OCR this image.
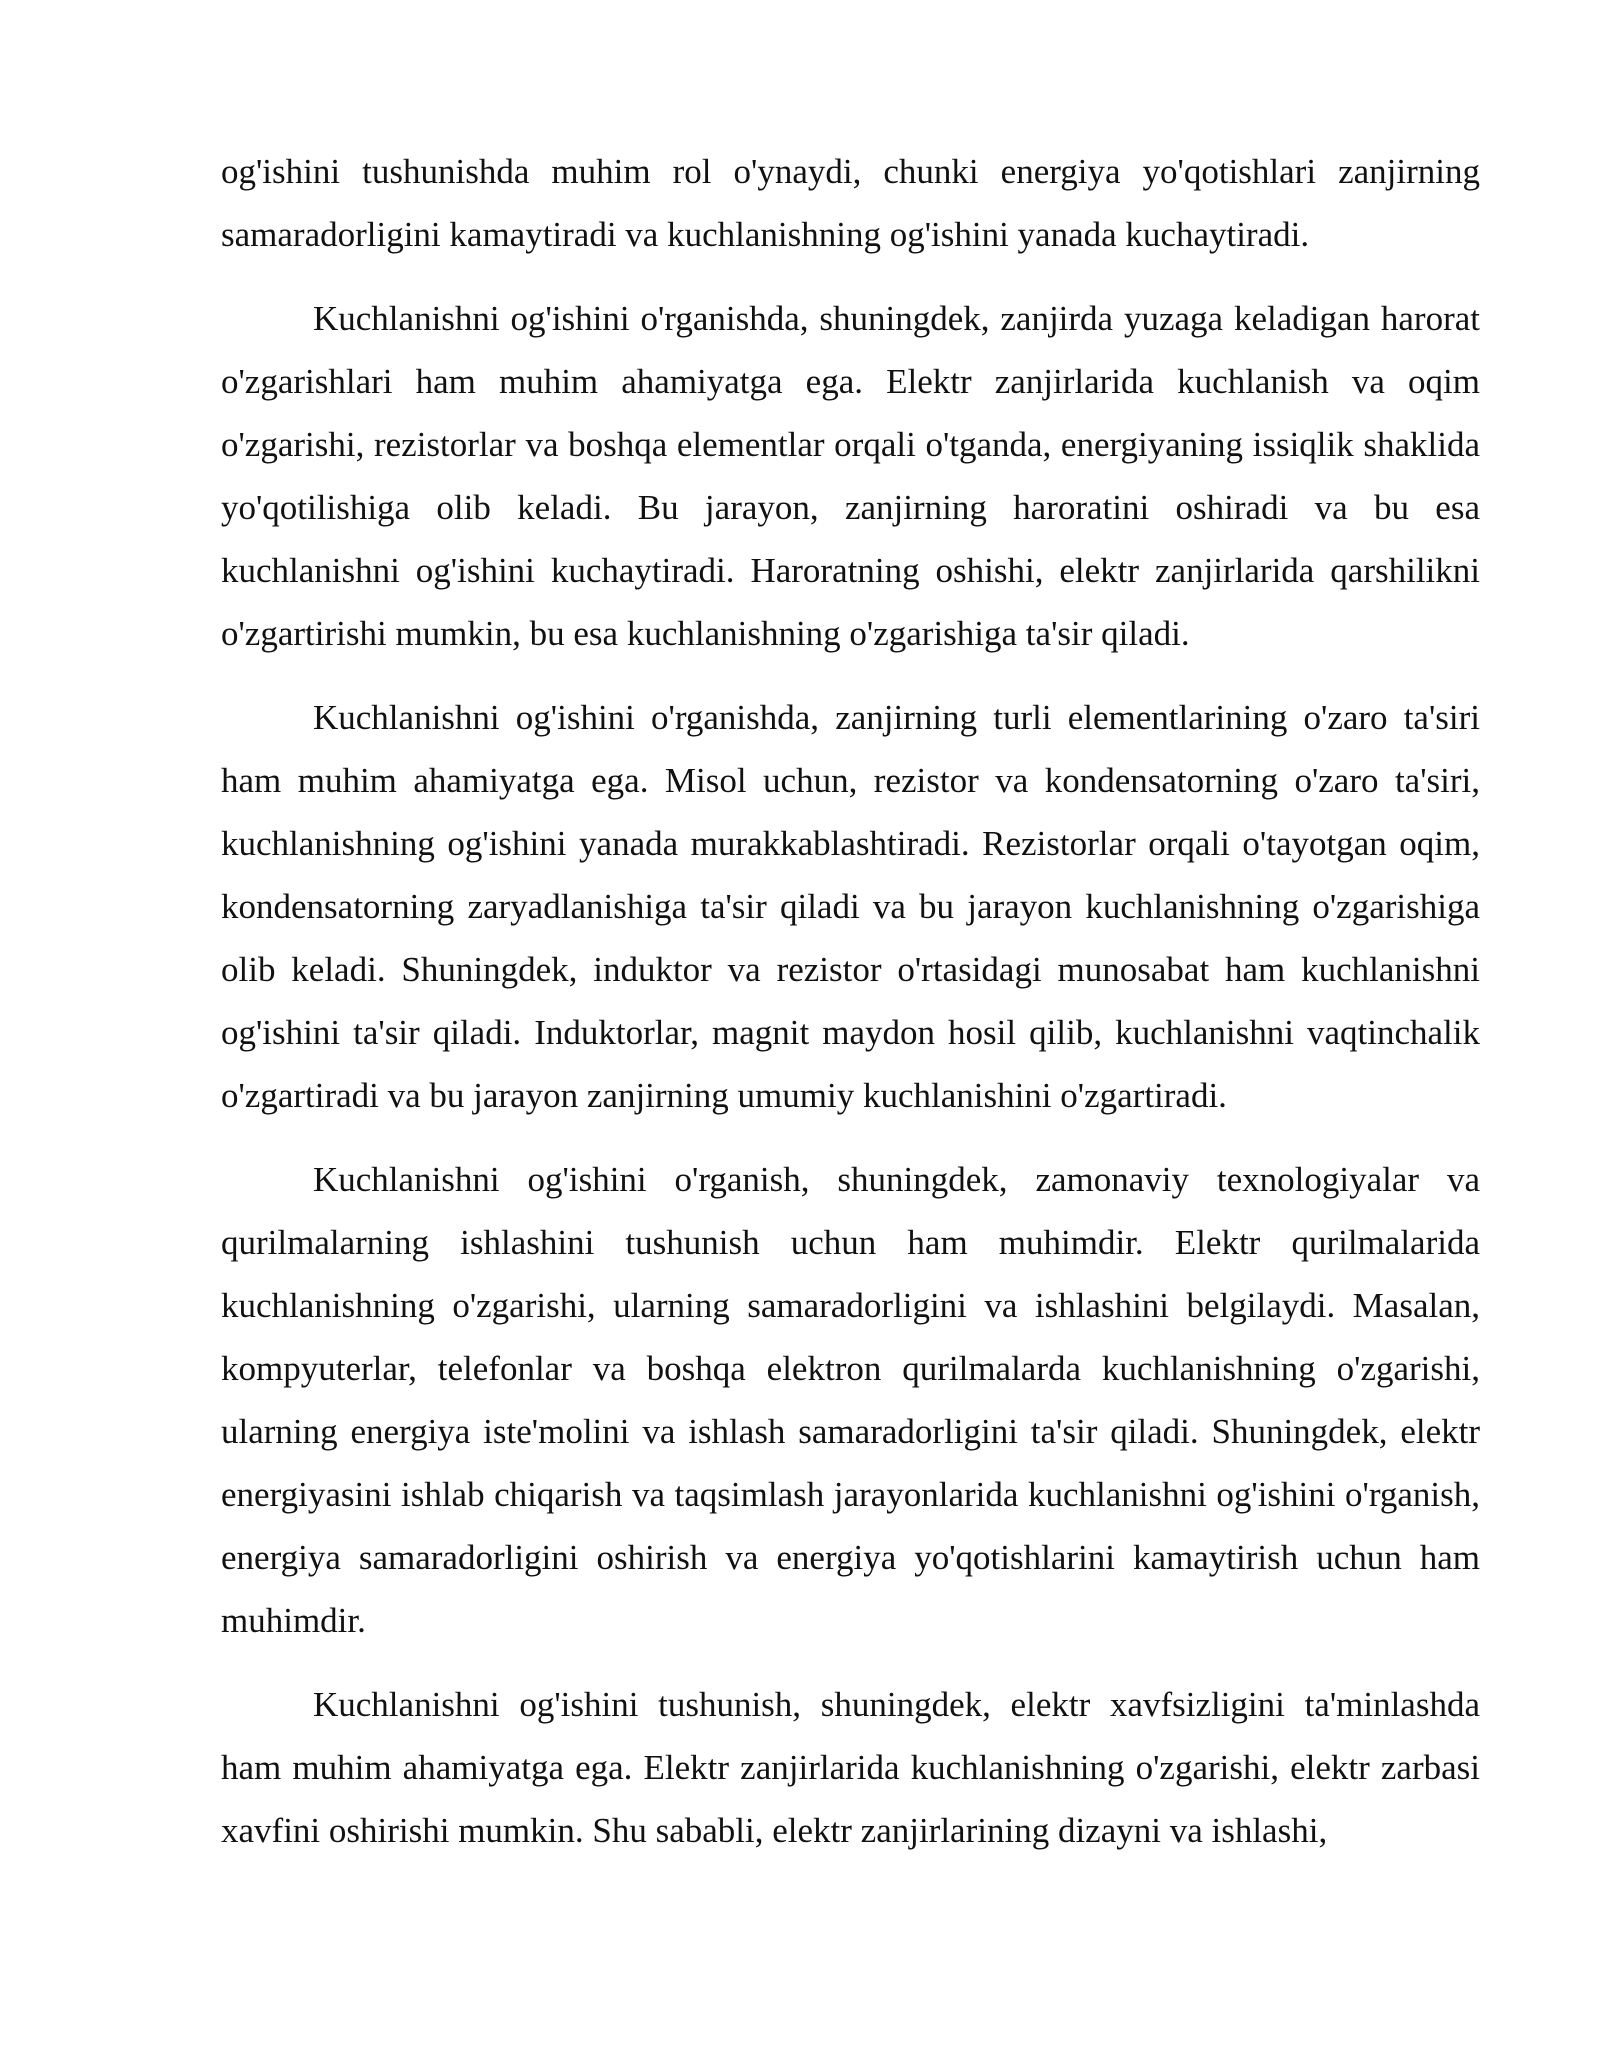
og'ishini tushunishda muhim rol o'ynaydi, chunki energiya yo'qotishlari zanjirning samaradorligini kamaytiradi va kuchlanishning og'ishini yanada kuchaytiradi.

Kuchlanishni og'ishini o'rganishda, shuningdek, zanjirda yuzaga keladigan harorat o'zgarishlari ham muhim ahamiyatga ega. Elektr zanjirlarida kuchlanish va oqim o'zgarishi, rezistorlar va boshqa elementlar orqali o'tganda, energiyaning issiqlik shaklida yo'qotilishiga olib keladi. Bu jarayon, zanjirning haroratini oshiradi va bu esa kuchlanishni og'ishini kuchaytiradi. Haroratning oshishi, elektr zanjirlarida qarshilikni o'zgartirishi mumkin, bu esa kuchlanishning o'zgarishiga ta'sir qiladi.

Kuchlanishni og'ishini o'rganishda, zanjirning turli elementlarining o'zaro ta'siri ham muhim ahamiyatga ega. Misol uchun, rezistor va kondensatorning o'zaro ta'siri, kuchlanishning og'ishini yanada murakkablashtiradi. Rezistorlar orqali o'tayotgan oqim, kondensatorning zaryadlanishiga ta'sir qiladi va bu jarayon kuchlanishning o'zgarishiga olib keladi. Shuningdek, induktor va rezistor o'rtasidagi munosabat ham kuchlanishni og'ishini ta'sir qiladi. Induktorlar, magnit maydon hosil qilib, kuchlanishni vaqtinchalik o'zgartiradi va bu jarayon zanjirning umumiy kuchlanishini o'zgartiradi.

Kuchlanishni og'ishini o'rganish, shuningdek, zamonaviy texnologiyalar va qurilmalarning ishlashini tushunish uchun ham muhimdir. Elektr qurilmalarida kuchlanishning o'zgarishi, ularning samaradorligini va ishlashini belgilaydi. Masalan, kompyuterlar, telefonlar va boshqa elektron qurilmalarda kuchlanishning o'zgarishi, ularning energiya iste'molini va ishlash samaradorligini ta'sir qiladi. Shuningdek, elektr energiyasini ishlab chiqarish va taqsimlash jarayonlarida kuchlanishni og'ishini o'rganish, energiya samaradorligini oshirish va energiya yo'qotishlarini kamaytirish uchun ham muhimdir.

Kuchlanishni og'ishini tushunish, shuningdek, elektr xavfsizligini ta'minlashda ham muhim ahamiyatga ega. Elektr zanjirlarida kuchlanishning o'zgarishi, elektr zarbasi xavfini oshirishi mumkin. Shu sababli, elektr zanjirlarining dizayni va ishlashi,
